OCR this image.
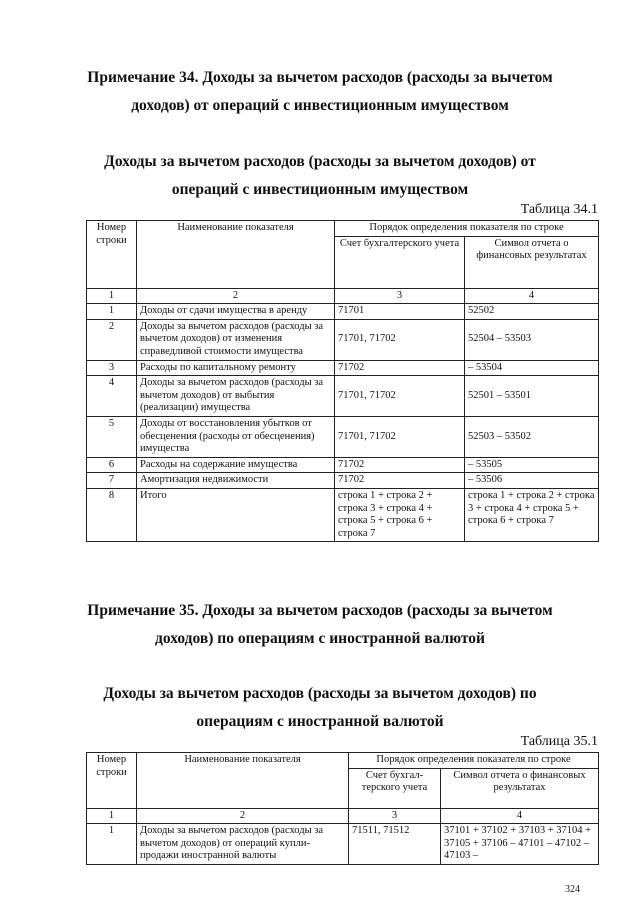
Примечание 34. Доходы за вычетом расходов (расходы за вычетом
доходов) от операций с инвестиционным имуществом
Доходы за вычетом расходов (расходы за вычетом доходов) от
операций с инвестиционным имуществом
Таблица 34.1
Номер строки	Наименование показателя	Порядок определения показателя по строке	
		Счет бухгалтерского учета	Символ отчета о финансовых результатах
1	2	3	4
1	Доходы от сдачи имущества в аренду	71701	52502
2	Доходы за вычетом расходов (расходы за вычетом доходов) от изменения справедливой стоимости имущества	71701, 71702	52504 – 53503
3	Расходы по капитальному ремонту	71702	– 53504
4	Доходы за вычетом расходов (расходы за вычетом доходов) от выбытия (реализации) имущества	71701, 71702	52501 – 53501
5	Доходы от восстановления убытков от обесценения (расходы от обесценения) имущества	71701, 71702	52503 – 53502
6	Расходы на содержание имущества	71702	– 53505
7	Амортизация недвижимости	71702	– 53506
8	Итого	строка 1 + строка 2 + строка 3 + строка 4 + строка 5 + строка 6 + строка 7	строка 1 + строка 2 + строка 3 + строка 4 + строка 5 + строка 6 + строка 7
Примечание 35. Доходы за вычетом расходов (расходы за вычетом
доходов) по операциям с иностранной валютой
Доходы за вычетом расходов (расходы за вычетом доходов) по
операциям с иностранной валютой
Таблица 35.1
Номер строки	Наименование показателя	Порядок определения показателя по строке	
		Счет бухгал-терского учета	Символ отчета о финансовых результатах
1	2	3	4
1	Доходы за вычетом расходов (расходы за вычетом доходов) от операций купли-продажи иностранной валюты	71511, 71512	37101 + 37102 + 37103 + 37104 + 37105 + 37106 – 47101 – 47102 – 47103 –
324
